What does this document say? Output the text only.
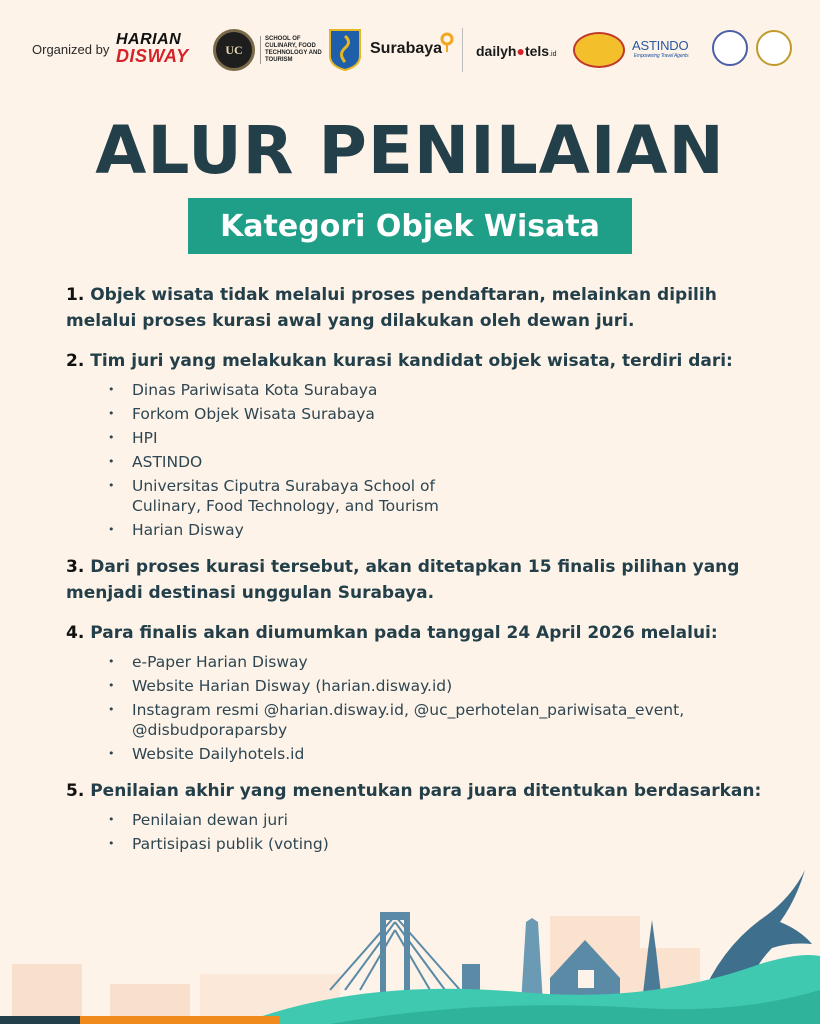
Organized by
HARIAN
DISWAY	UC
SCHOOL OF CULINARY, FOOD TECHNOLOGY AND TOURISM
Surabaya dailyh●tels.id
ASTINDO
Empowering Travel Agents
ALUR PENILAIAN
Kategori Objek Wisata

1. Objek wisata tidak melalui proses pendaftaran, melainkan dipilih melalui proses kurasi awal yang dilakukan oleh dewan juri.

2. Tim juri yang melakukan kurasi kandidat objek wisata, terdiri dari:

• Dinas Pariwisata Kota Surabaya
• Forkom Objek Wisata Surabaya
• HPI
• ASTINDO
• Universitas Ciputra Surabaya School of Culinary, Food Technology, and Tourism
• Harian Disway

3. Dari proses kurasi tersebut, akan ditetapkan 15 finalis pilihan yang menjadi destinasi unggulan Surabaya.

4. Para finalis akan diumumkan pada tanggal 24 April 2026 melalui:

• e-Paper Harian Disway
• Website Harian Disway (harian.disway.id)
• Instagram resmi @harian.disway.id, @uc_perhotelan_pariwisata_event, @disbudporaparsby
• Website Dailyhotels.id

5. Penilaian akhir yang menentukan para juara ditentukan berdasarkan:

• Penilaian dewan juri
• Partisipasi publik (voting)
